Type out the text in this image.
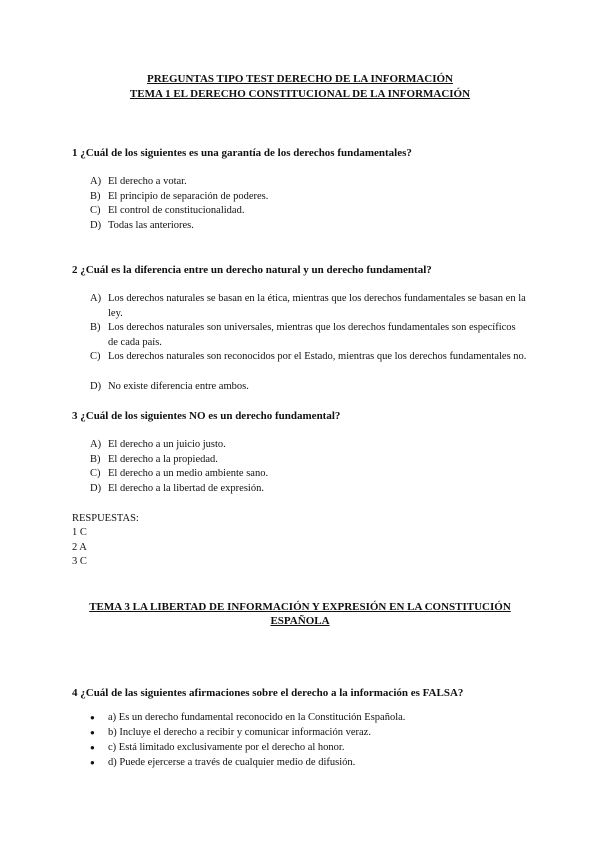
PREGUNTAS TIPO TEST DERECHO DE LA INFORMACIÓN
TEMA 1 EL DERECHO CONSTITUCIONAL DE LA INFORMACIÓN
1 ¿Cuál de los siguientes es una garantía de los derechos fundamentales?
A) El derecho a votar.
B) El principio de separación de poderes.
C) El control de constitucionalidad.
D) Todas las anteriores.
2 ¿Cuál es la diferencia entre un derecho natural y un derecho fundamental?
A) Los derechos naturales se basan en la ética, mientras que los derechos fundamentales se basan en la ley.
B) Los derechos naturales son universales, mientras que los derechos fundamentales son específicos de cada país.
C) Los derechos naturales son reconocidos por el Estado, mientras que los derechos fundamentales no.
D) No existe diferencia entre ambos.
3 ¿Cuál de los siguientes NO es un derecho fundamental?
A) El derecho a un juicio justo.
B) El derecho a la propiedad.
C) El derecho a un medio ambiente sano.
D) El derecho a la libertad de expresión.
RESPUESTAS:
1 C
2 A
3 C
TEMA 3 LA LIBERTAD DE INFORMACIÓN Y EXPRESIÓN EN LA CONSTITUCIÓN
ESPAÑOLA
4 ¿Cuál de las siguientes afirmaciones sobre el derecho a la información es FALSA?
● a) Es un derecho fundamental reconocido en la Constitución Española.
● b) Incluye el derecho a recibir y comunicar información veraz.
● c) Está limitado exclusivamente por el derecho al honor.
● d) Puede ejercerse a través de cualquier medio de difusión.
